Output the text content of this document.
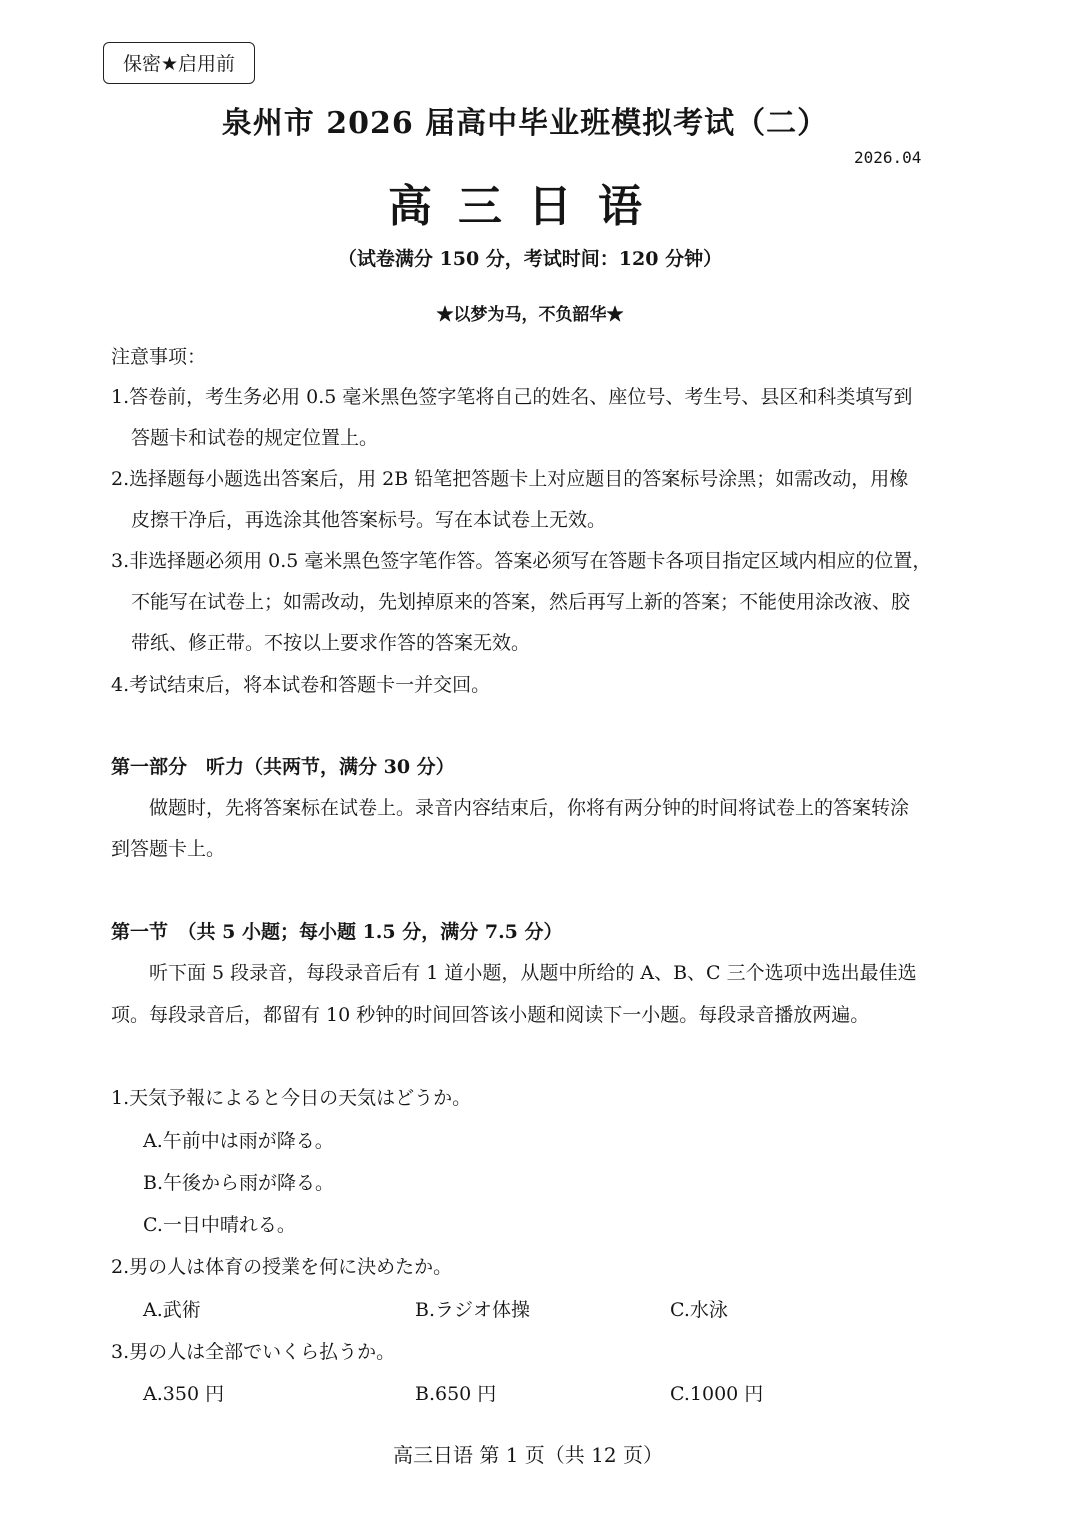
保密★启用前
泉州市 2026 届高中毕业班模拟考试（二）
2026.04
高三日语
（试卷满分 150 分，考试时间：120 分钟）
★以梦为马，不负韶华★
注意事项：
1.答卷前，考生务必用 0.5 毫米黑色签字笔将自己的姓名、座位号、考生号、县区和科类填写到
答题卡和试卷的规定位置上。
2.选择题每小题选出答案后，用 2B 铅笔把答题卡上对应题目的答案标号涂黑；如需改动，用橡
皮擦干净后，再选涂其他答案标号。写在本试卷上无效。
3.非选择题必须用 0.5 毫米黑色签字笔作答。答案必须写在答题卡各项目指定区域内相应的位置，
不能写在试卷上；如需改动，先划掉原来的答案，然后再写上新的答案；不能使用涂改液、胶
带纸、修正带。不按以上要求作答的答案无效。
4.考试结束后，将本试卷和答题卡一并交回。
第一部分　听力（共两节，满分 30 分）
做题时，先将答案标在试卷上。录音内容结束后，你将有两分钟的时间将试卷上的答案转涂
到答题卡上。
第一节　（共 5 小题；每小题 1.5 分，满分 7.5 分）
听下面 5 段录音，每段录音后有 1 道小题，从题中所给的 A、B、C 三个选项中选出最佳选
项。每段录音后，都留有 10 秒钟的时间回答该小题和阅读下一小题。每段录音播放两遍。
1.天気予報によると今日の天気はどうか。
A.午前中は雨が降る。
B.午後から雨が降る。
C.一日中晴れる。
2.男の人は体育の授業を何に決めたか。
A.武術	B.ラジオ体操	C.水泳
3.男の人は全部でいくら払うか。
A.350 円	B.650 円	C.1000 円
高三日语 第 1 页（共 12 页）
